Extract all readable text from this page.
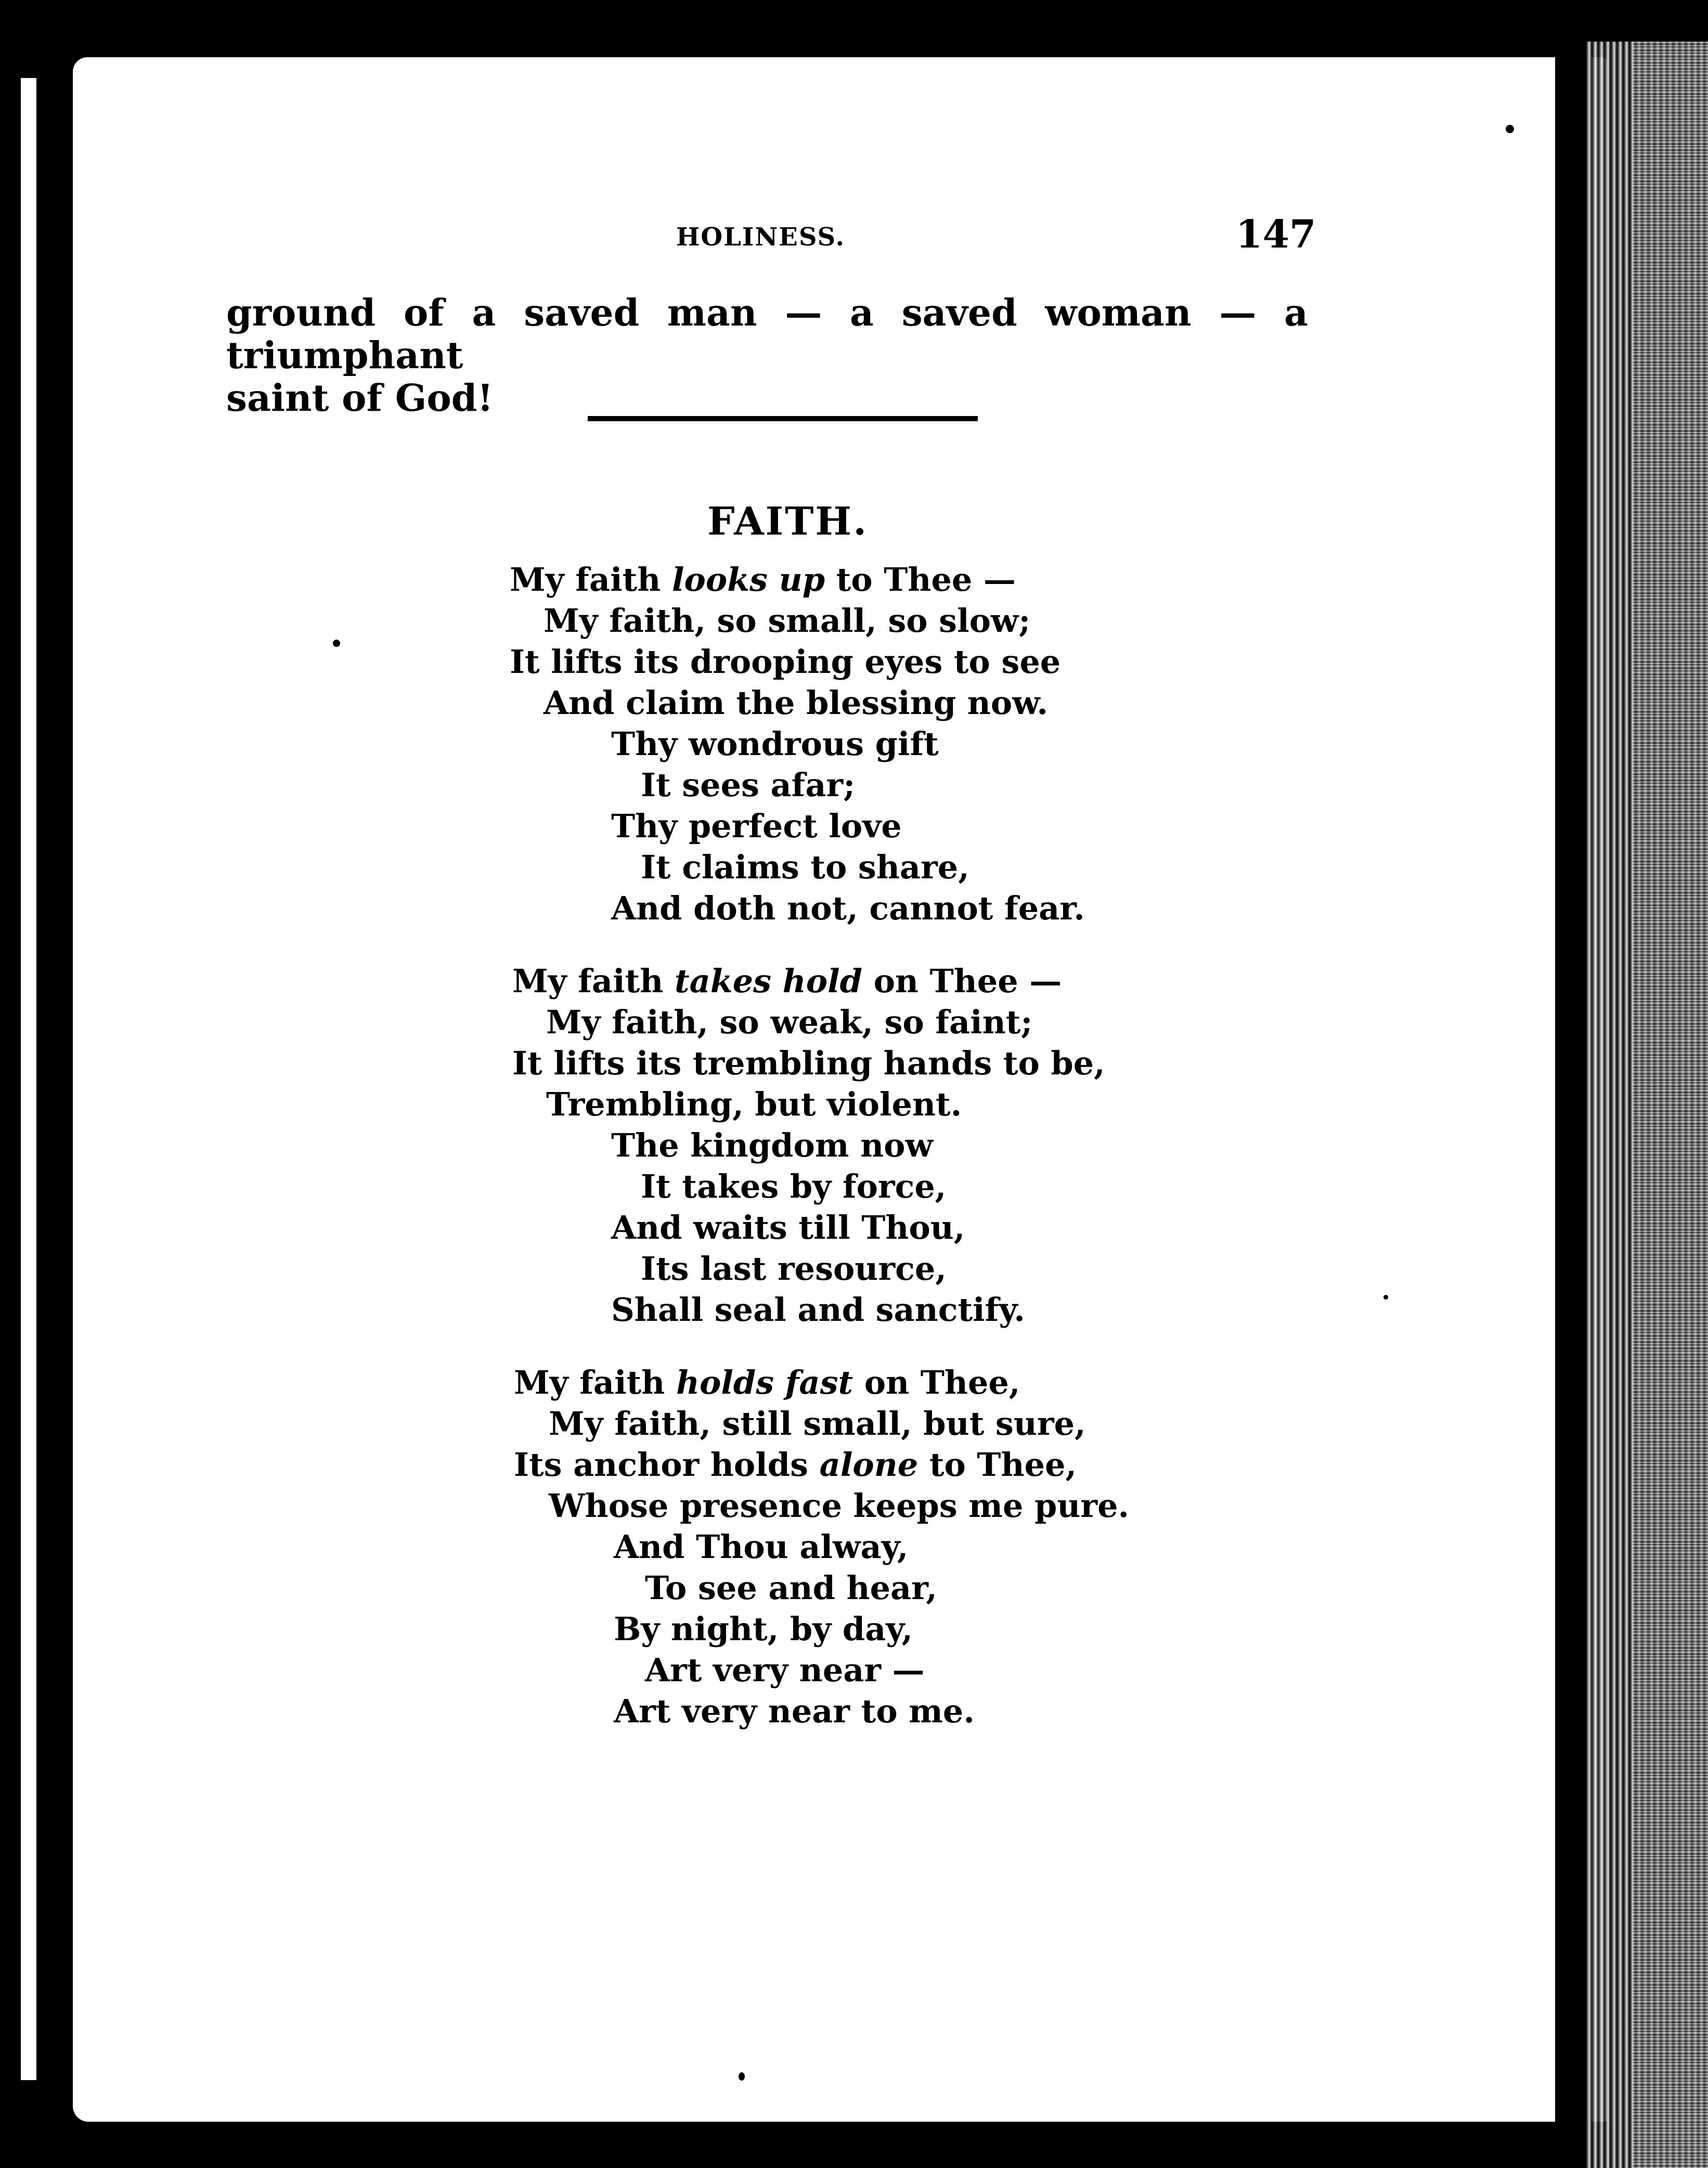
HOLINESS.	147
ground of a saved man — a saved woman — a triumphant
saint of God!
FAITH.
My faith looks up to Thee —
My faith, so small, so slow;
It lifts its drooping eyes to see
And claim the blessing now.
Thy wondrous gift
It sees afar;
Thy perfect love
It claims to share,
And doth not, cannot fear.
My faith takes hold on Thee —
My faith, so weak, so faint;
It lifts its trembling hands to be,
Trembling, but violent.
The kingdom now
It takes by force,
And waits till Thou,
Its last resource,
Shall seal and sanctify.
My faith holds fast on Thee,
My faith, still small, but sure,
Its anchor holds alone to Thee,
Whose presence keeps me pure.
And Thou alway,
To see and hear,
By night, by day,
Art very near —
Art very near to me.
